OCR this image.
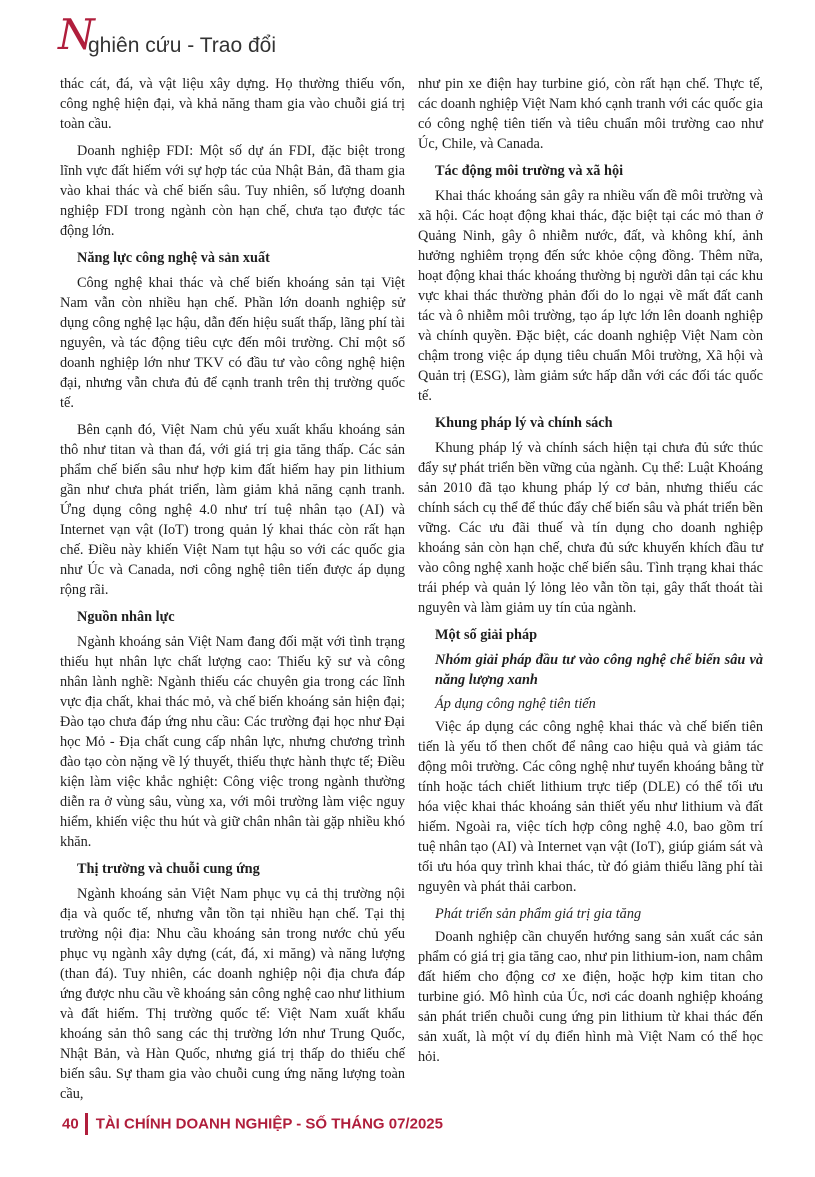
N
ghiên cứu - Trao đổi

thác cát, đá, và vật liệu xây dựng. Họ thường thiếu vốn, công nghệ hiện đại, và khả năng tham gia vào chuỗi giá trị toàn cầu.

Doanh nghiệp FDI: Một số dự án FDI, đặc biệt trong lĩnh vực đất hiếm với sự hợp tác của Nhật Bản, đã tham gia vào khai thác và chế biến sâu. Tuy nhiên, số lượng doanh nghiệp FDI trong ngành còn hạn chế, chưa tạo được tác động lớn.

Năng lực công nghệ và sản xuất

Công nghệ khai thác và chế biến khoáng sản tại Việt Nam vẫn còn nhiều hạn chế. Phần lớn doanh nghiệp sử dụng công nghệ lạc hậu, dẫn đến hiệu suất thấp, lãng phí tài nguyên, và tác động tiêu cực đến môi trường. Chỉ một số doanh nghiệp lớn như TKV có đầu tư vào công nghệ hiện đại, nhưng vẫn chưa đủ để cạnh tranh trên thị trường quốc tế.

Bên cạnh đó, Việt Nam chủ yếu xuất khẩu khoáng sản thô như titan và than đá, với giá trị gia tăng thấp. Các sản phẩm chế biến sâu như hợp kim đất hiếm hay pin lithium gần như chưa phát triển, làm giảm khả năng cạnh tranh. Ứng dụng công nghệ 4.0 như trí tuệ nhân tạo (AI) và Internet vạn vật (IoT) trong quản lý khai thác còn rất hạn chế. Điều này khiến Việt Nam tụt hậu so với các quốc gia như Úc và Canada, nơi công nghệ tiên tiến được áp dụng rộng rãi.

Nguồn nhân lực

Ngành khoáng sản Việt Nam đang đối mặt với tình trạng thiếu hụt nhân lực chất lượng cao: Thiếu kỹ sư và công nhân lành nghề: Ngành thiếu các chuyên gia trong các lĩnh vực địa chất, khai thác mỏ, và chế biến khoáng sản hiện đại; Đào tạo chưa đáp ứng nhu cầu: Các trường đại học như Đại học Mỏ - Địa chất cung cấp nhân lực, nhưng chương trình đào tạo còn nặng về lý thuyết, thiếu thực hành thực tế; Điều kiện làm việc khắc nghiệt: Công việc trong ngành thường diễn ra ở vùng sâu, vùng xa, với môi trường làm việc nguy hiểm, khiến việc thu hút và giữ chân nhân tài gặp nhiều khó khăn.

Thị trường và chuỗi cung ứng

Ngành khoáng sản Việt Nam phục vụ cả thị trường nội địa và quốc tế, nhưng vẫn tồn tại nhiều hạn chế. Tại thị trường nội địa: Nhu cầu khoáng sản trong nước chủ yếu phục vụ ngành xây dựng (cát, đá, xi măng) và năng lượng (than đá). Tuy nhiên, các doanh nghiệp nội địa chưa đáp ứng được nhu cầu về khoáng sản công nghệ cao như lithium và đất hiếm. Thị trường quốc tế: Việt Nam xuất khẩu khoáng sản thô sang các thị trường lớn như Trung Quốc, Nhật Bản, và Hàn Quốc, nhưng giá trị thấp do thiếu chế biến sâu. Sự tham gia vào chuỗi cung ứng năng lượng toàn cầu,

như pin xe điện hay turbine gió, còn rất hạn chế. Thực tế, các doanh nghiệp Việt Nam khó cạnh tranh với các quốc gia có công nghệ tiên tiến và tiêu chuẩn môi trường cao như Úc, Chile, và Canada.

Tác động môi trường và xã hội

Khai thác khoáng sản gây ra nhiều vấn đề môi trường và xã hội. Các hoạt động khai thác, đặc biệt tại các mỏ than ở Quảng Ninh, gây ô nhiễm nước, đất, và không khí, ảnh hưởng nghiêm trọng đến sức khỏe cộng đồng. Thêm nữa, hoạt động khai thác khoáng thường bị người dân tại các khu vực khai thác thường phản đối do lo ngại về mất đất canh tác và ô nhiễm môi trường, tạo áp lực lớn lên doanh nghiệp và chính quyền. Đặc biệt, các doanh nghiệp Việt Nam còn chậm trong việc áp dụng tiêu chuẩn Môi trường, Xã hội và Quản trị (ESG), làm giảm sức hấp dẫn với các đối tác quốc tế.

Khung pháp lý và chính sách

Khung pháp lý và chính sách hiện tại chưa đủ sức thúc đẩy sự phát triển bền vững của ngành. Cụ thể: Luật Khoáng sản 2010 đã tạo khung pháp lý cơ bản, nhưng thiếu các chính sách cụ thể để thúc đẩy chế biến sâu và phát triển bền vững. Các ưu đãi thuế và tín dụng cho doanh nghiệp khoáng sản còn hạn chế, chưa đủ sức khuyến khích đầu tư vào công nghệ xanh hoặc chế biến sâu. Tình trạng khai thác trái phép và quản lý lỏng lẻo vẫn tồn tại, gây thất thoát tài nguyên và làm giảm uy tín của ngành.

Một số giải pháp
Nhóm giải pháp đầu tư vào công nghệ chế biến sâu và năng lượng xanh
Áp dụng công nghệ tiên tiến

Việc áp dụng các công nghệ khai thác và chế biến tiên tiến là yếu tố then chốt để nâng cao hiệu quả và giảm tác động môi trường. Các công nghệ như tuyển khoáng bằng từ tính hoặc tách chiết lithium trực tiếp (DLE) có thể tối ưu hóa việc khai thác khoáng sản thiết yếu như lithium và đất hiếm. Ngoài ra, việc tích hợp công nghệ 4.0, bao gồm trí tuệ nhân tạo (AI) và Internet vạn vật (IoT), giúp giám sát và tối ưu hóa quy trình khai thác, từ đó giảm thiểu lãng phí tài nguyên và phát thải carbon.

Phát triển sản phẩm giá trị gia tăng

Doanh nghiệp cần chuyển hướng sang sản xuất các sản phẩm có giá trị gia tăng cao, như pin lithium-ion, nam châm đất hiếm cho động cơ xe điện, hoặc hợp kim titan cho turbine gió. Mô hình của Úc, nơi các doanh nghiệp khoáng sản phát triển chuỗi cung ứng pin lithium từ khai thác đến sản xuất, là một ví dụ điển hình mà Việt Nam có thể học hỏi.

40 TÀI CHÍNH DOANH NGHIỆP - SỐ THÁNG 07/2025
